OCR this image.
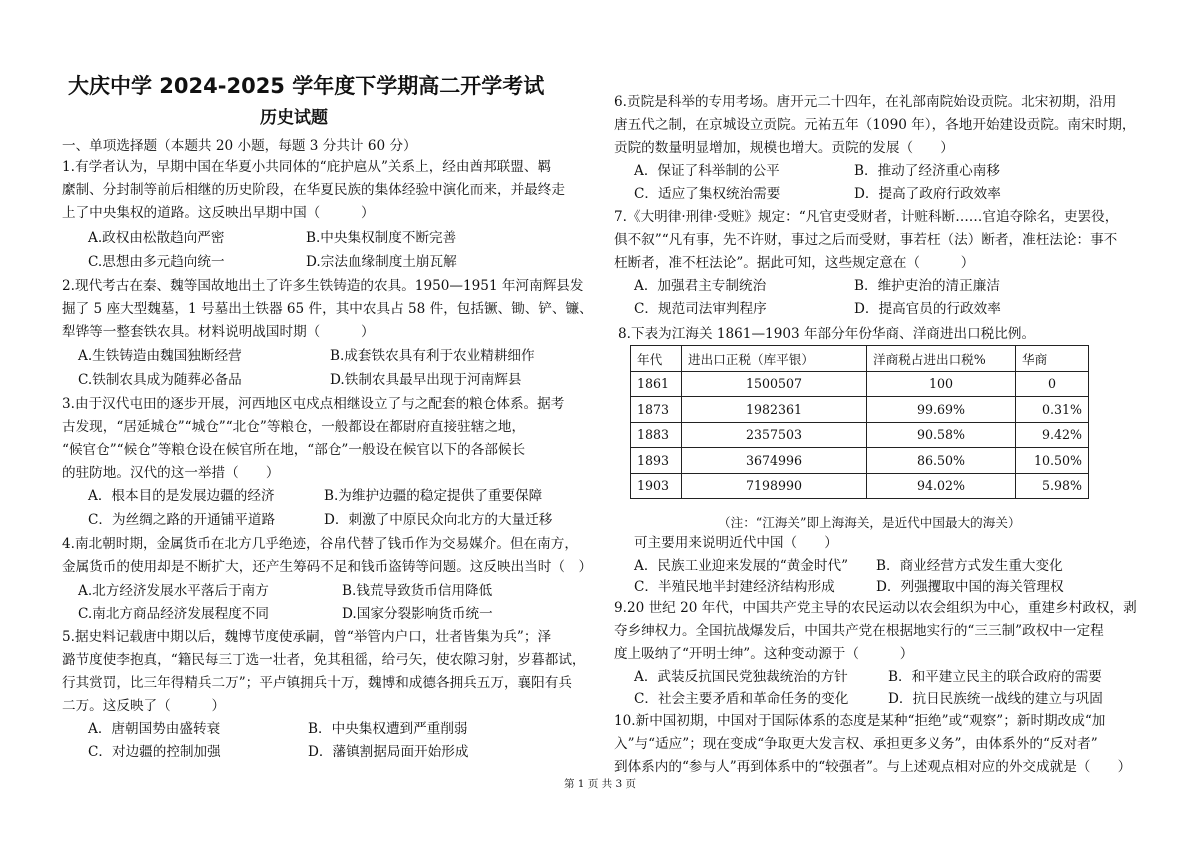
大庆中学 2024-2025 学年度下学期高二开学考试
历史试题
一、单项选择题（本题共 20 小题，每题 3 分共计 60 分）
1.有学者认为，早期中国在华夏小共同体的“庇护扈从”关系上，经由酋邦联盟、羁
縻制、分封制等前后相继的历史阶段，在华夏民族的集体经验中演化而来，并最终走
上了中央集权的道路。这反映出早期中国（　　　）
A.政权由松散趋向严密	B.中央集权制度不断完善
C.思想由多元趋向统一	D.宗法血缘制度土崩瓦解
2.现代考古在秦、魏等国故地出土了许多生铁铸造的农具。1950—1951 年河南辉县发
掘了 5 座大型魏墓，1 号墓出土铁器 65 件，其中农具占 58 件，包括镢、锄、铲、镰、
犁铧等一整套铁农具。材料说明战国时期（　　　）
A.生铁铸造由魏国独断经营	B.成套铁农具有利于农业精耕细作
C.铁制农具成为随葬必备品	D.铁制农具最早出现于河南辉县
3.由于汉代屯田的逐步开展，河西地区屯戍点相继设立了与之配套的粮仓体系。据考
古发现，“居延城仓”“城仓”“北仓”等粮仓，一般都设在都尉府直接驻辖之地，
“候官仓”“候仓”等粮仓设在候官所在地，“部仓”一般设在候官以下的各部候长
的驻防地。汉代的这一举措（　　）
A．根本目的是发展边疆的经济	B.为维护边疆的稳定提供了重要保障
C．为丝绸之路的开通铺平道路	D．刺激了中原民众向北方的大量迁移
4.南北朝时期，金属货币在北方几乎绝迹，谷帛代替了钱币作为交易媒介。但在南方，
金属货币的使用却是不断扩大，还产生筹码不足和钱币盗铸等问题。这反映出当时（　）
A.北方经济发展水平落后于南方	B.钱荒导致货币信用降低
C.南北方商品经济发展程度不同	D.国家分裂影响货币统一
5.据史料记载唐中期以后，魏博节度使承嗣，曾“举管内户口，壮者皆集为兵”；泽
潞节度使李抱真，“籍民每三丁选一壮者，免其租徭，给弓矢，使农隙习射，岁暮都试，
行其赏罚，比三年得精兵二万”；平卢镇拥兵十万，魏博和成德各拥兵五万，襄阳有兵
二万。这反映了（　　　）
A．唐朝国势由盛转衰	B．中央集权遭到严重削弱
C．对边疆的控制加强	D．藩镇割据局面开始形成
6.贡院是科举的专用考场。唐开元二十四年，在礼部南院始设贡院。北宋初期，沿用
唐五代之制，在京城设立贡院。元祐五年（1090 年），各地开始建设贡院。南宋时期，
贡院的数量明显增加，规模也增大。贡院的发展（　　）
A．保证了科举制的公平	B．推动了经济重心南移
C．适应了集权统治需要	D．提高了政府行政效率
7.《大明律·刑律·受赃》规定：“凡官吏受财者，计赃科断……官追夺除名，吏罢役，
俱不叙”“凡有事，先不许财，事过之后而受财，事若枉（法）断者，准枉法论：事不
枉断者，准不枉法论”。据此可知，这些规定意在（　　　）
A．加强君主专制统治	B．维护吏治的清正廉洁
C．规范司法审判程序	D．提高官员的行政效率
8.下表为江海关 1861—1903 年部分年份华商、洋商进出口税比例。
年代	进出口正税（库平银）	洋商税占进出口税%	华商
1861	1500507	100	0
1873	1982361	99.69%	0.31%
1883	2357503	90.58%	9.42%
1893	3674996	86.50%	10.50%
1903	7198990	94.02%	5.98%
（注：“江海关”即上海海关，是近代中国最大的海关）
可主要用来说明近代中国（　　）
A．民族工业迎来发展的“黄金时代” B．商业经营方式发生重大变化
C．半殖民地半封建经济结构形成	D．列强攫取中国的海关管理权
9.20 世纪 20 年代，中国共产党主导的农民运动以农会组织为中心，重建乡村政权，剥
夺乡绅权力。全国抗战爆发后，中国共产党在根据地实行的“三三制”政权中一定程
度上吸纳了“开明士绅”。这种变动源于（　　　）
A．武装反抗国民党独裁统治的方针	B．和平建立民主的联合政府的需要
C．社会主要矛盾和革命任务的变化	D．抗日民族统一战线的建立与巩固
10.新中国初期，中国对于国际体系的态度是某种“拒绝”或“观察”；新时期改成“加
入”与“适应”；现在变成“争取更大发言权、承担更多义务”，由体系外的“反对者”
到体系内的“参与人”再到体系中的“较强者”。与上述观点相对应的外交成就是（　　）
第 1 页 共 3 页
